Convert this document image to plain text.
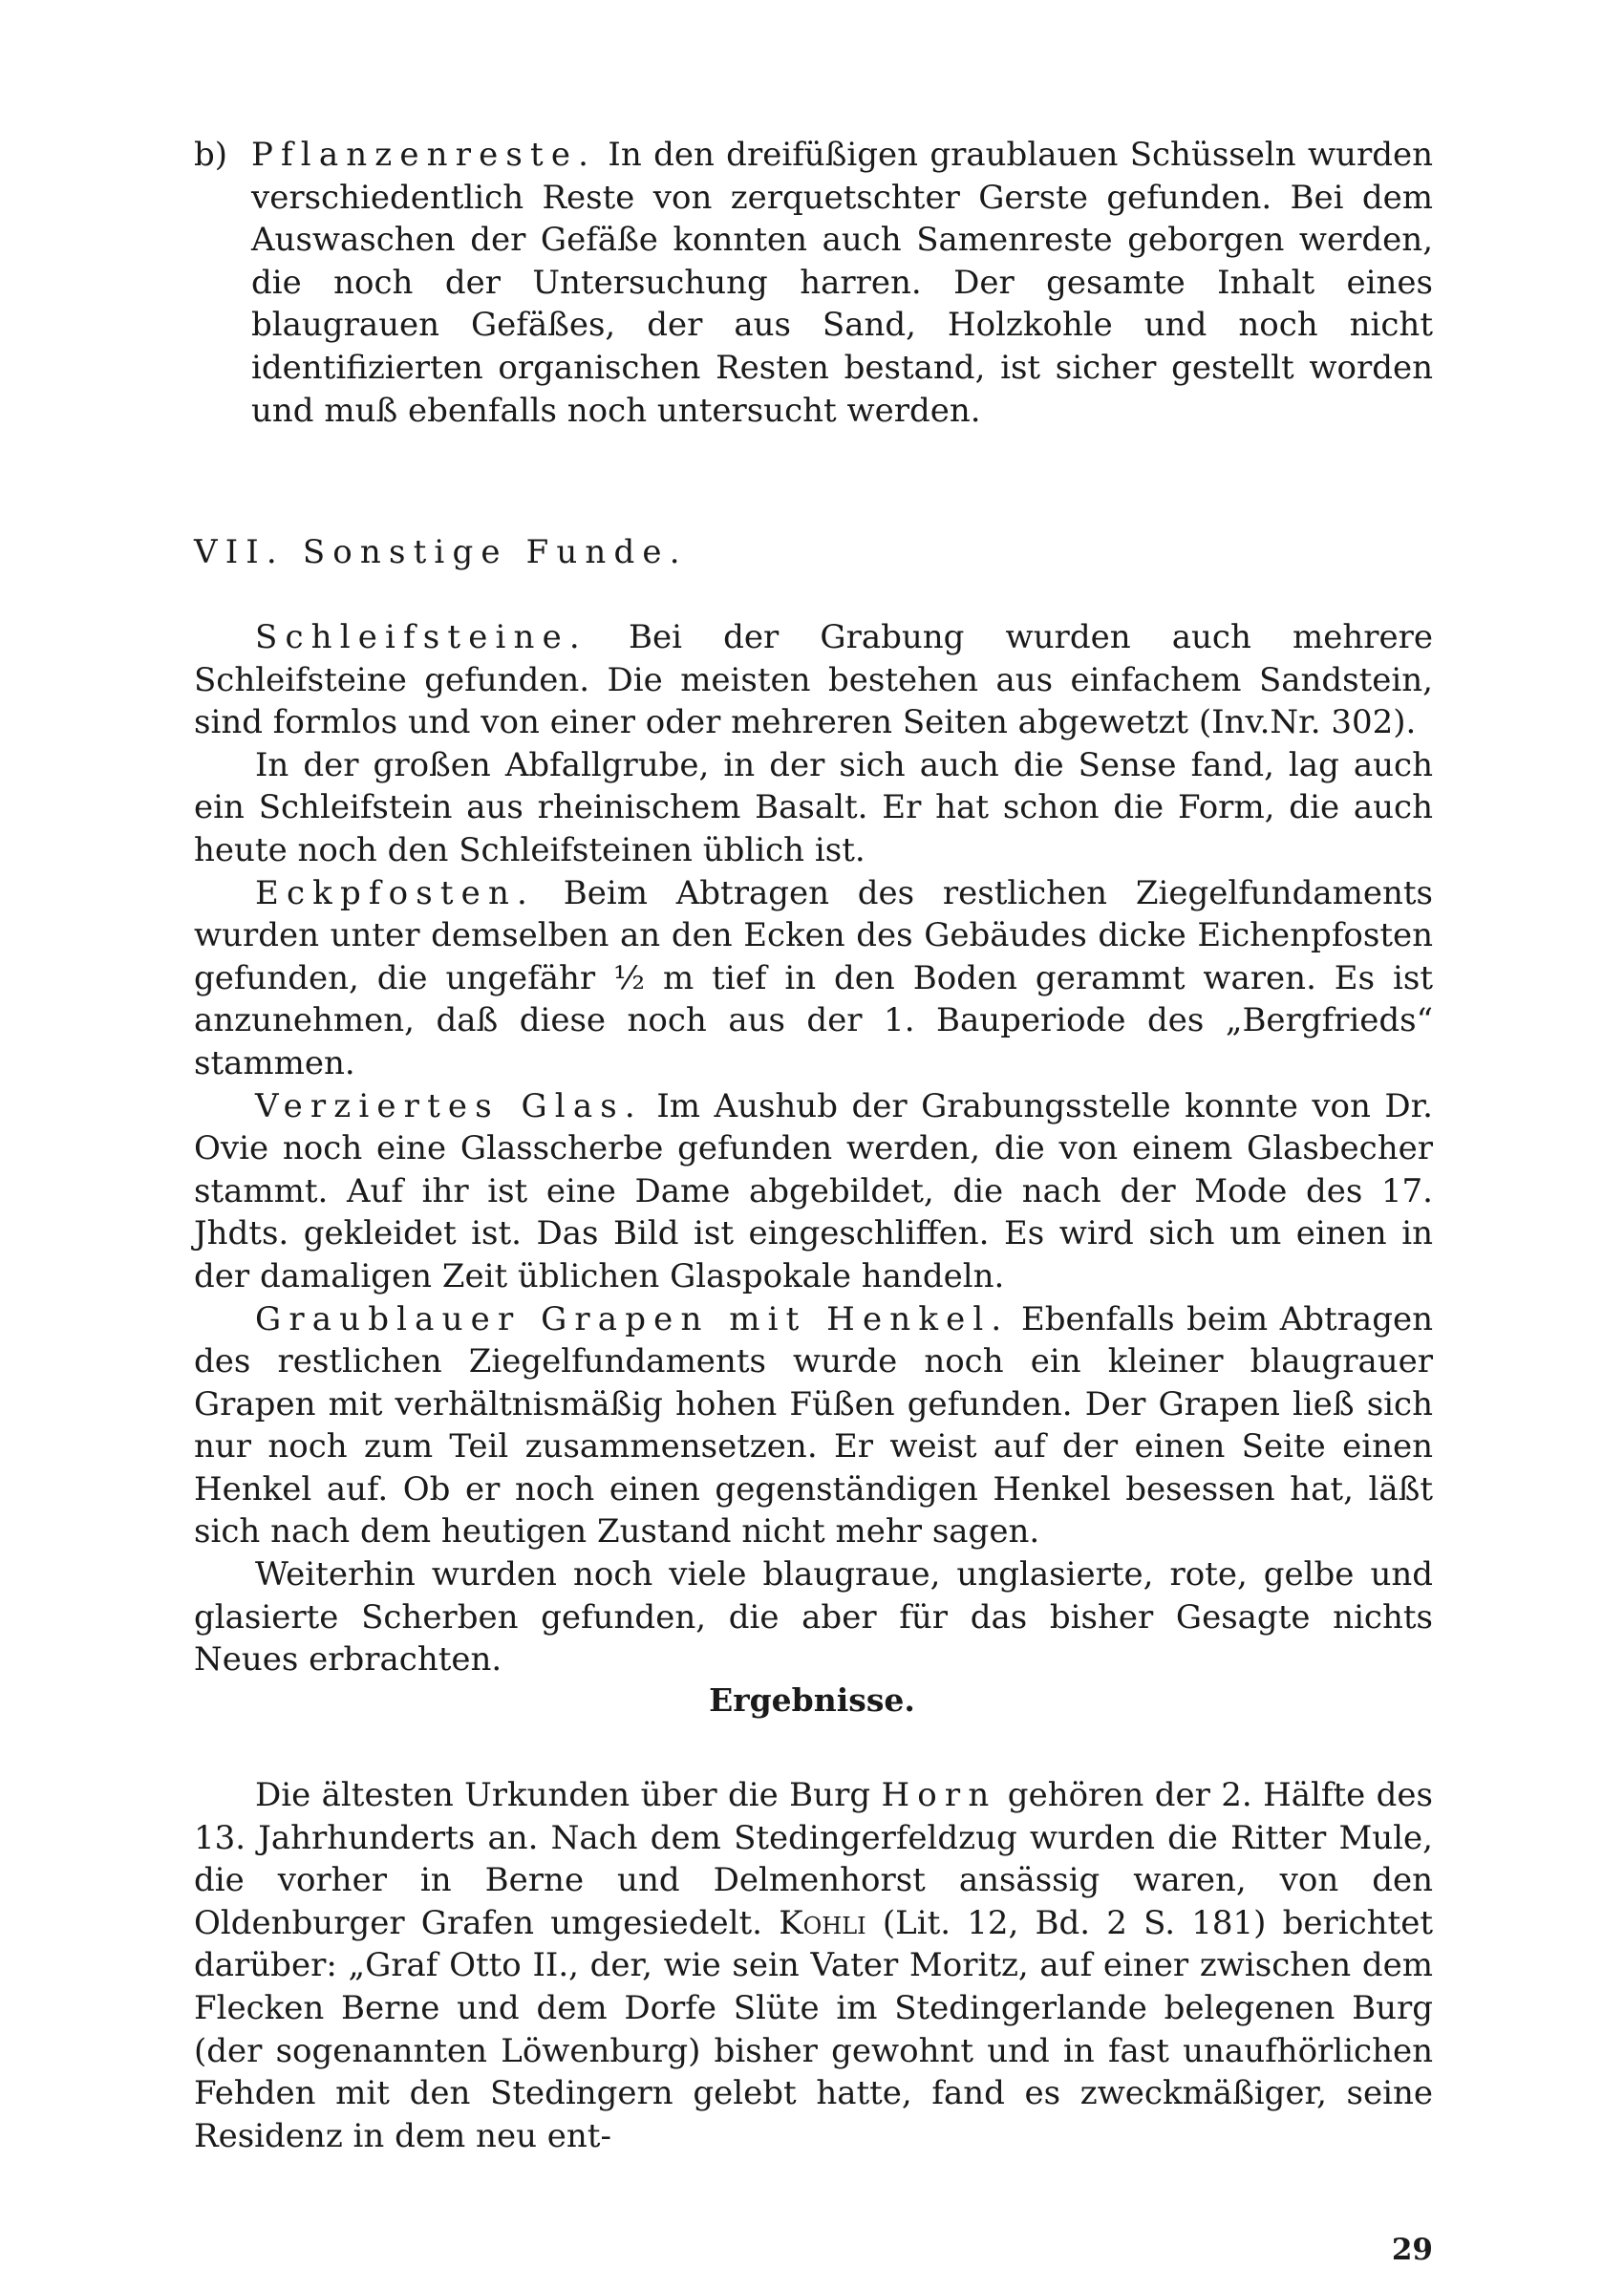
b) Pflanzenreste. In den dreifüßigen graublauen Schüsseln wurden verschiedentlich Reste von zerquetschter Gerste gefunden. Bei dem Auswaschen der Gefäße konnten auch Samenreste geborgen werden, die noch der Untersuchung harren. Der gesamte Inhalt eines blaugrauen Gefäßes, der aus Sand, Holzkohle und noch nicht identifizierten organischen Resten bestand, ist sicher gestellt worden und muß ebenfalls noch untersucht werden.

VII. Sonstige Funde.

Schleifsteine. Bei der Grabung wurden auch mehrere Schleifsteine gefunden. Die meisten bestehen aus einfachem Sandstein, sind formlos und von einer oder mehreren Seiten abgewetzt (Inv.Nr. 302).

In der großen Abfallgrube, in der sich auch die Sense fand, lag auch ein Schleifstein aus rheinischem Basalt. Er hat schon die Form, die auch heute noch den Schleifsteinen üblich ist.

Eckpfosten. Beim Abtragen des restlichen Ziegelfundaments wurden unter demselben an den Ecken des Gebäudes dicke Eichenpfosten gefunden, die ungefähr ½ m tief in den Boden gerammt waren. Es ist anzunehmen, daß diese noch aus der 1. Bauperiode des „Bergfrieds“ stammen.

Verziertes Glas. Im Aushub der Grabungsstelle konnte von Dr. Ovie noch eine Glasscherbe gefunden werden, die von einem Glasbecher stammt. Auf ihr ist eine Dame abgebildet, die nach der Mode des 17. Jhdts. gekleidet ist. Das Bild ist eingeschliffen. Es wird sich um einen in der damaligen Zeit üblichen Glaspokale handeln.

Graublauer Grapen mit Henkel. Ebenfalls beim Abtragen des restlichen Ziegelfundaments wurde noch ein kleiner blaugrauer Grapen mit verhältnismäßig hohen Füßen gefunden. Der Grapen ließ sich nur noch zum Teil zusammensetzen. Er weist auf der einen Seite einen Henkel auf. Ob er noch einen gegenständigen Henkel besessen hat, läßt sich nach dem heutigen Zustand nicht mehr sagen.

Weiterhin wurden noch viele blaugraue, unglasierte, rote, gelbe und glasierte Scherben gefunden, die aber für das bisher Gesagte nichts Neues erbrachten.

Ergebnisse.

Die ältesten Urkunden über die Burg Horn gehören der 2. Hälfte des 13. Jahrhunderts an. Nach dem Stedingerfeldzug wurden die Ritter Mule, die vorher in Berne und Delmenhorst ansässig waren, von den Oldenburger Grafen umgesiedelt. Kohli (Lit. 12, Bd. 2 S. 181) berichtet darüber: „Graf Otto II., der, wie sein Vater Moritz, auf einer zwischen dem Flecken Berne und dem Dorfe Slüte im Stedingerlande belegenen Burg (der sogenannten Löwenburg) bisher gewohnt und in fast unaufhörlichen Fehden mit den Stedingern gelebt hatte, fand es zweckmäßiger, seine Residenz in dem neu ent-

29
